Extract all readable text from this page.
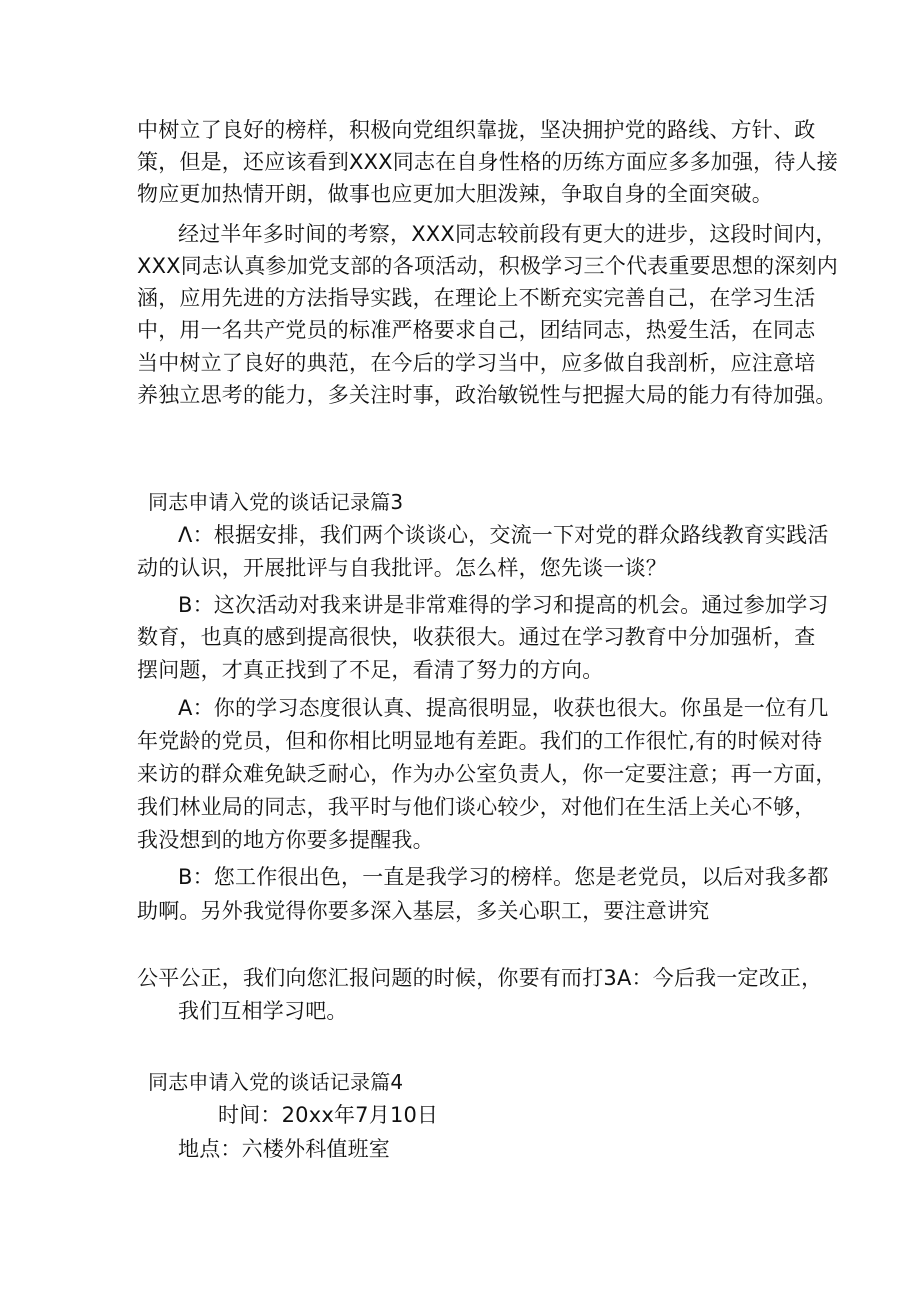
中树立了良好的榜样，积极向党组织靠拢，坚决拥护党的路线、方针、政
策，但是，还应该看到XXX同志在自身性格的历练方面应多多加强，待人接
物应更加热情开朗，做事也应更加大胆泼辣，争取自身的全面突破。
经过半年多时间的考察，XXX同志较前段有更大的进步，这段时间内，
XXX同志认真参加党支部的各项活动，积极学习三个代表重要思想的深刻内
涵，应用先进的方法指导实践，在理论上不断充实完善自己，在学习生活
中，用一名共产党员的标准严格要求自己，团结同志，热爱生活，在同志
当中树立了良好的典范，在今后的学习当中，应多做自我剖析，应注意培
养独立思考的能力，多关注时事，政治敏锐性与把握大局的能力有待加强。
同志申请入党的谈话记录篇3
Λ：根据安排，我们两个谈谈心，交流一下对党的群众路线教育实践活
动的认识，开展批评与自我批评。怎么样，您先谈一谈？
B：这次活动对我来讲是非常难得的学习和提高的机会。通过参加学习
数育，也真的感到提高很快，收获很大。通过在学习教育中分加强析，查
摆问题，才真正找到了不足，看清了努力的方向。
A：你的学习态度很认真、提高很明显，收获也很大。你虽是一位有几
年党龄的党员，但和你相比明显地有差距。我们的工作很忙,有的时候对待
来访的群众难免缺乏耐心，作为办公室负责人，你一定要注意；再一方面，
我们林业局的同志，我平时与他们谈心较少，对他们在生活上关心不够，
我没想到的地方你要多提醒我。
B：您工作很出色，一直是我学习的榜样。您是老党员，以后对我多都
助啊。另外我觉得你要多深入基层，多关心职工，要注意讲究
公平公正，我们向您汇报问题的时候，你要有而打3A：今后我一定改正，
我们互相学习吧。
同志申请入党的谈话记录篇4
时间：20xx年7月10日
地点：六楼外科值班室
